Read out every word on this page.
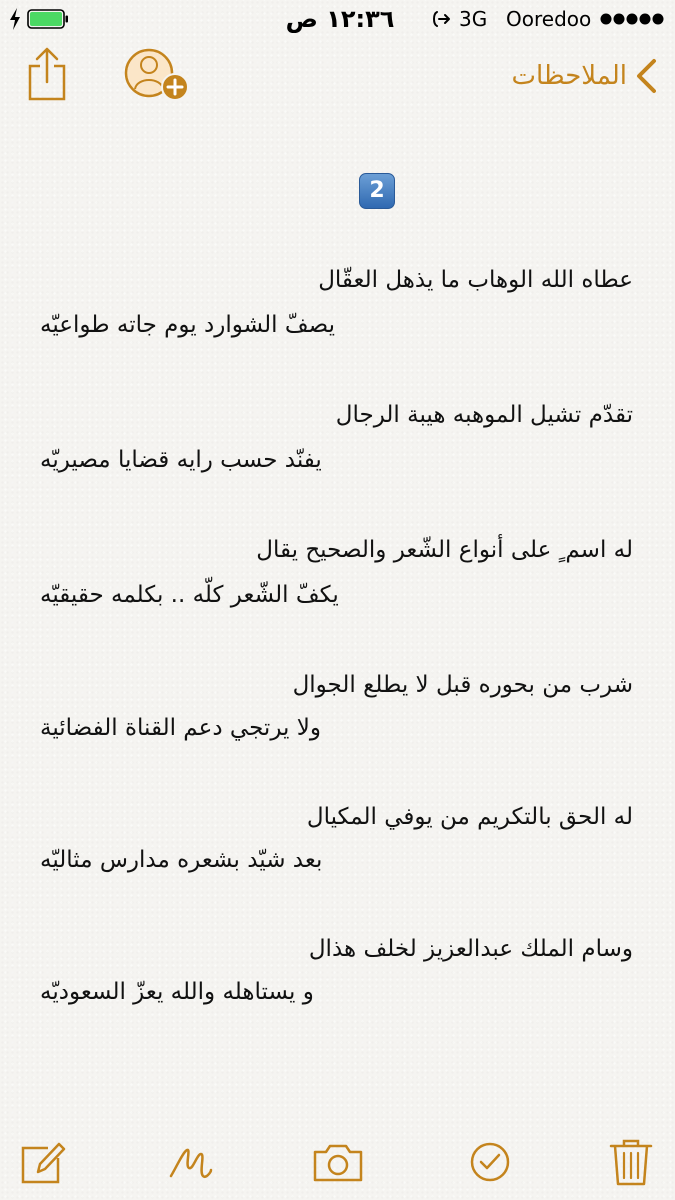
١٢:٣٦ ص	3G Ooredoo
الملاحظات
2
عطاه الله الوهاب ما يذهل العقّال
يصفّ الشوارد يوم جاته طواعيّه
تقدّم تشيل الموهبه هيبة الرجال
يفنّد حسب رايه قضايا مصيريّه
له اسم ٍ على أنواع الشّعر والصحيح يقال
يكفّ الشّعر كلّه .. بكلمه حقيقيّه
شرب من بحوره قبل لا يطلع الجوال
ولا يرتجي دعم القناة الفضائية
له الحق بالتكريم من يوفي المكيال
بعد شيّد بشعره مدارس مثاليّه
وسام الملك عبدالعزيز لخلف هذال
و يستاهله والله يعزّ السعوديّه
